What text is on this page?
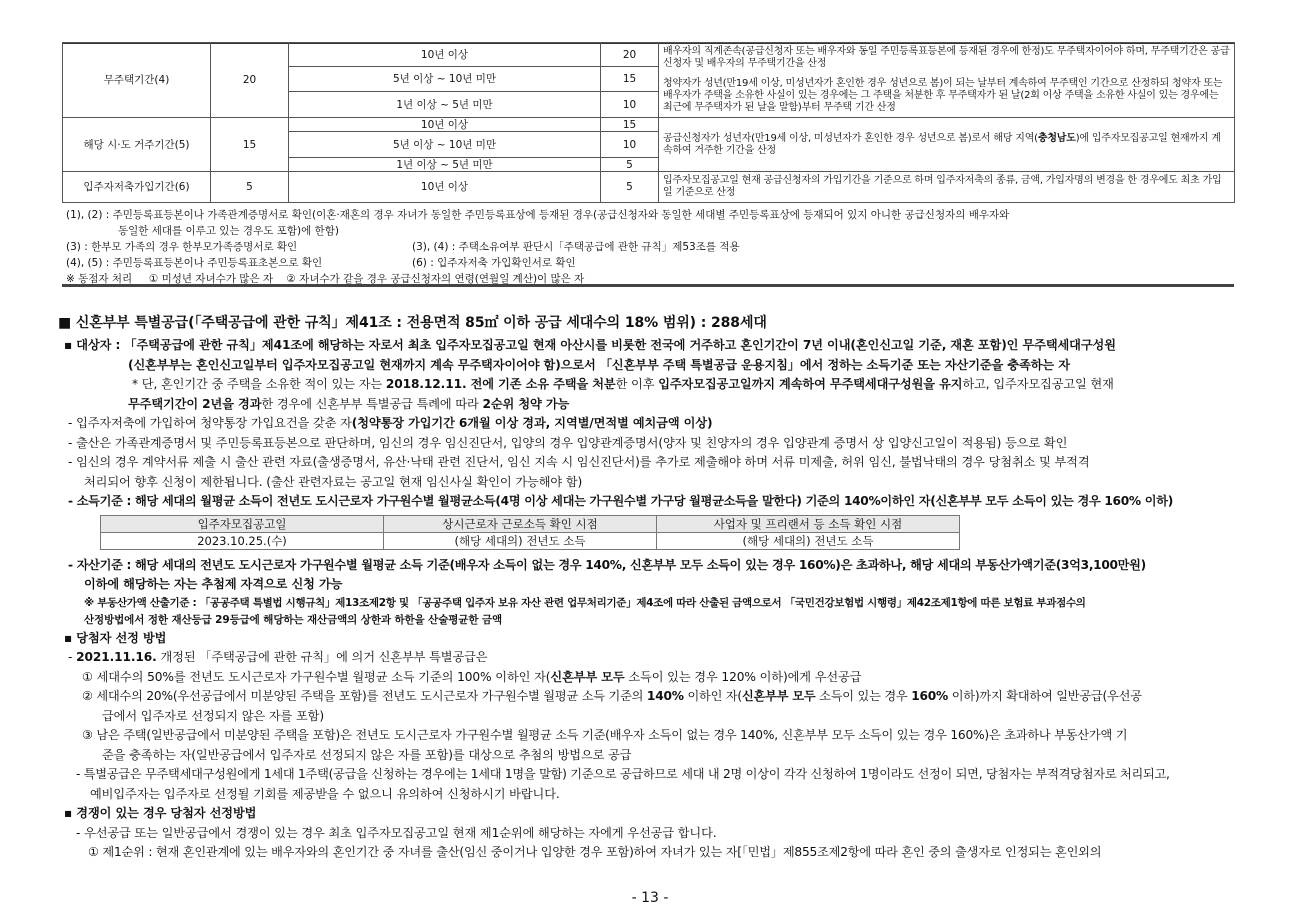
무주택기간(4)	20	10년 이상	20	배우자의 직계존속(공급신청자 또는 배우자와 동일 주민등록표등본에 등재된 경우에 한정)도 무주택자이어야 하며, 무주택기간은 공급신청자 및 배우자의 무주택기간을 산정
청약자가 성년(만19세 이상, 미성년자가 혼인한 경우 성년으로 봄)이 되는 날부터 계속하여 무주택인 기간으로 산정하되 청약자 또는 배우자가 주택을 소유한 사실이 있는 경우에는 그 주택을 처분한 후 무주택자가 된 날(2회 이상 주택을 소유한 사실이 있는 경우에는 최근에 무주택자가 된 날을 말함)부터 무주택 기간 산정

		5년 이상 ~ 10년 미만	15	
		1년 이상 ~ 5년 미만	10	
해당 시·도 거주기간(5)	15	10년 이상	15	공급신청자가 성년자(만19세 이상, 미성년자가 혼인한 경우 성년으로 봄)로서 해당 지역(충청남도)에 입주자모집공고일 현재까지 계속하여 거주한 기간을 산정
		5년 이상 ~ 10년 미만	10	
		1년 이상 ~ 5년 미만	5	
입주자저축가입기간(6)	5	10년 이상	5	입주자모집공고일 현재 공급신청자의 가입기간을 기준으로 하며 입주자저축의 종류, 금액, 가입자명의 변경을 한 경우에도 최초 가입일 기준으로 산정
(1), (2) : 주민등록표등본이나 가족관계증명서로 확인(이혼·재혼의 경우 자녀가 동일한 주민등록표상에 등재된 경우(공급신청자와 동일한 세대별 주민등록표상에 등재되어 있지 아니한 공급신청자의 배우자와
동일한 세대를 이루고 있는 경우도 포함)에 한함)
(3) : 한부모 가족의 경우 한부모가족증명서로 확인	(3), (4) : 주택소유여부 판단시「주택공급에 관한 규칙」제53조를 적용
(4), (5) : 주민등록표등본이나 주민등록표초본으로 확인	(6) : 입주자저축 가입확인서로 확인
※ 동점자 처리     ① 미성년 자녀수가 많은 자    ② 자녀수가 같을 경우 공급신청자의 연령(연월일 계산)이 많은 자
■ 신혼부부 특별공급(「주택공급에 관한 규칙」제41조 : 전용면적 85㎡ 이하 공급 세대수의 18% 범위) : 288세대
▪ 대상자 : 「주택공급에 관한 규칙」제41조에 해당하는 자로서 최초 입주자모집공고일 현재 아산시를 비롯한 전국에 거주하고 혼인기간이 7년 이내(혼인신고일 기준, 재혼 포함)인 무주택세대구성원
(신혼부부는 혼인신고일부터 입주자모집공고일 현재까지 계속 무주택자이어야 함)으로서 「신혼부부 주택 특별공급 운용지침」에서 정하는 소득기준 또는 자산기준을 충족하는 자
* 단, 혼인기간 중 주택을 소유한 적이 있는 자는 2018.12.11. 전에 기존 소유 주택을 처분한 이후 입주자모집공고일까지 계속하여 무주택세대구성원을 유지하고, 입주자모집공고일 현재
무주택기간이 2년을 경과한 경우에 신혼부부 특별공급 특례에 따라 2순위 청약 가능
- 입주자저축에 가입하여 청약통장 가입요건을 갖춘 자(청약통장 가입기간 6개월 이상 경과, 지역별/면적별 예치금액 이상)
- 출산은 가족관계증명서 및 주민등록표등본으로 판단하며, 임신의 경우 임신진단서, 입양의 경우 입양관계증명서(양자 및 친양자의 경우 입양관계 증명서 상 입양신고일이 적용됨) 등으로 확인
- 임신의 경우 계약서류 제출 시 출산 관련 자료(출생증명서, 유산·낙태 관련 진단서, 임신 지속 시 임신진단서)를 추가로 제출해야 하며 서류 미제출, 허위 임신, 불법낙태의 경우 당첨취소 및 부적격
처리되어 향후 신청이 제한됩니다. (출산 관련자료는 공고일 현재 임신사실 확인이 가능해야 함)
- 소득기준 : 해당 세대의 월평균 소득이 전년도 도시근로자 가구원수별 월평균소득(4명 이상 세대는 가구원수별 가구당 월평균소득을 말한다) 기준의 140%이하인 자(신혼부부 모두 소득이 있는 경우 160% 이하)
입주자모집공고일	상시근로자 근로소득 확인 시점	사업자 및 프리랜서 등 소득 확인 시점
2023.10.25.(수)	(해당 세대의) 전년도 소득	(해당 세대의) 전년도 소득
- 자산기준 : 해당 세대의 전년도 도시근로자 가구원수별 월평균 소득 기준(배우자 소득이 없는 경우 140%, 신혼부부 모두 소득이 있는 경우 160%)은 초과하나, 해당 세대의 부동산가액기준(3억3,100만원)
이하에 해당하는 자는 추첨제 자격으로 신청 가능
※ 부동산가액 산출기준 : 「공공주택 특별법 시행규칙」제13조제2항 및 「공공주택 입주자 보유 자산 관련 업무처리기준」제4조에 따라 산출된 금액으로서 「국민건강보험법 시행령」제42조제1항에 따른 보험료 부과점수의
산정방법에서 정한 재산등급 29등급에 해당하는 재산금액의 상한과 하한을 산술평균한 금액
▪ 당첨자 선정 방법
- 2021.11.16. 개정된 「주택공급에 관한 규칙」에 의거 신혼부부 특별공급은
① 세대수의 50%를 전년도 도시근로자 가구원수별 월평균 소득 기준의 100% 이하인 자(신혼부부 모두 소득이 있는 경우 120% 이하)에게 우선공급
② 세대수의 20%(우선공급에서 미분양된 주택을 포함)를 전년도 도시근로자 가구원수별 월평균 소득 기준의 140% 이하인 자(신혼부부 모두 소득이 있는 경우 160% 이하)까지 확대하여 일반공급(우선공
급에서 입주자로 선정되지 않은 자를 포함)
③ 남은 주택(일반공급에서 미분양된 주택을 포함)은 전년도 도시근로자 가구원수별 월평균 소득 기준(배우자 소득이 없는 경우 140%, 신혼부부 모두 소득이 있는 경우 160%)은 초과하나 부동산가액 기
준을 충족하는 자(일반공급에서 입주자로 선정되지 않은 자를 포함)를 대상으로 추첨의 방법으로 공급
- 특별공급은 무주택세대구성원에게 1세대 1주택(공급을 신청하는 경우에는 1세대 1명을 말함) 기준으로 공급하므로 세대 내 2명 이상이 각각 신청하여 1명이라도 선정이 되면, 당첨자는 부적격당첨자로 처리되고,
예비입주자는 입주자로 선정될 기회를 제공받을 수 없으니 유의하여 신청하시기 바랍니다.
▪ 경쟁이 있는 경우 당첨자 선정방법
- 우선공급 또는 일반공급에서 경쟁이 있는 경우 최초 입주자모집공고일 현재 제1순위에 해당하는 자에게 우선공급 합니다.
① 제1순위 : 현재 혼인관계에 있는 배우자와의 혼인기간 중 자녀를 출산(임신 중이거나 입양한 경우 포함)하여 자녀가 있는 자[「민법」제855조제2항에 따라 혼인 중의 출생자로 인정되는 혼인외의
- 13 -
